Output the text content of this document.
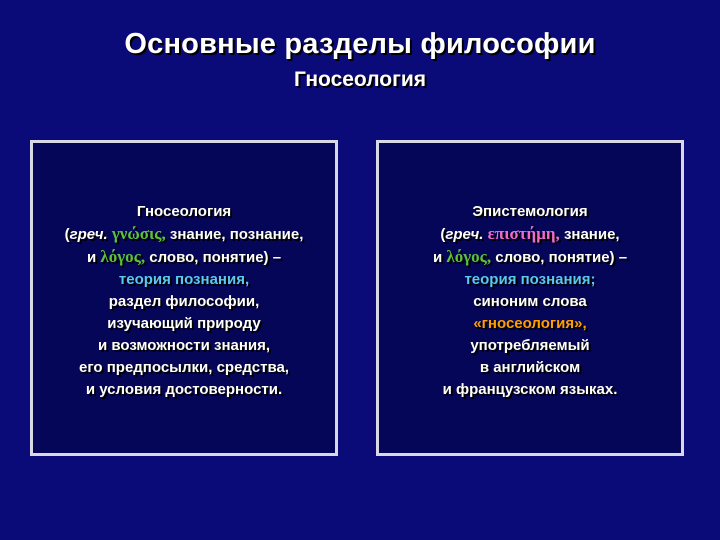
Основные разделы философии
Гносеология
Гносеология
(греч. γνώσις, знание, познание,
и λόγος, слово, понятие) –
теория познания,
раздел философии,
изучающий природу
и возможности знания,
его предпосылки, средства,
и условия достоверности.
Эпистемология
(греч. επιστήμη, знание,
и λόγος, слово, понятие) –
теория познания;
синоним слова
«гносеология»,
употребляемый
в английском
и французском языках.
